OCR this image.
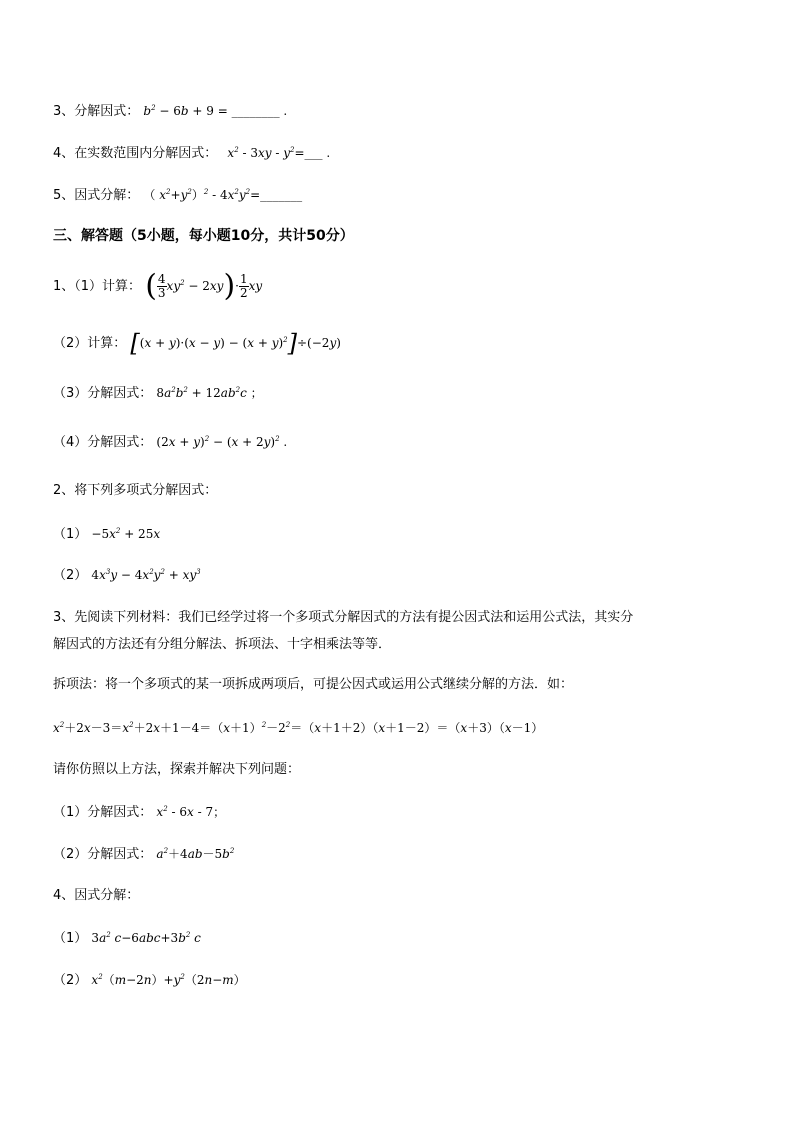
3、分解因式： $b^2 - 6b + 9$ = ________ .
4、在实数范围内分解因式： $x^2 - 3xy$ - $y^2=\_\_\_$ .
5、因式分解： （ $x^2+y^2)^2$ - $4x^2y^2=\_\_\_\_\_\_\_$
三、解答题（5小题，每小题10分，共计50分）
1、（1）计算： ( $\frac{4}{3} xy^2 - 2xy)\cdot \frac{1}{2}$ xy
（2）计算： $[(x + y)\cdot(x - y) - (x + y)^2]\div(-2y)$
（3）分解因式： $8a^2b^2 + 12ab^2c$ ；
（4）分解因式： $(2x + y)^2 - (x + 2y)^2$ .
2、将下列多项式分解因式：
$(1) -5x^2 + 25x$
（2） $4x^3y - 4x^2y^2 + xy^3$
3、先阅读下列材料：我们已经学过将一个多项式分解因式的方法有提公因式法和运用公式法，其实分
解因式的方法还有分组分解法、拆项法、十字相乘法等等．
拆项法：将一个多项式的某一项拆成两项后，可提公因式或运用公式继续分解的方法．如：
$x^2+2x-3=x^2+2x+1-4=(x+1)^2-2^2=(x+1+2)(x+1-2)=(x+3)(x-1)$
请你仿照以上方法，探索并解决下列问题：
（1）分解因式： $x^2 - 6x - 7$；
（2）分解因式： $a^2+4ab-5b^2$
4、因式分解：
（1） $3a^2$ $c-6abc+3b^2$ c
（2） $x^2(m-2n)+y^2(2n-m)$
